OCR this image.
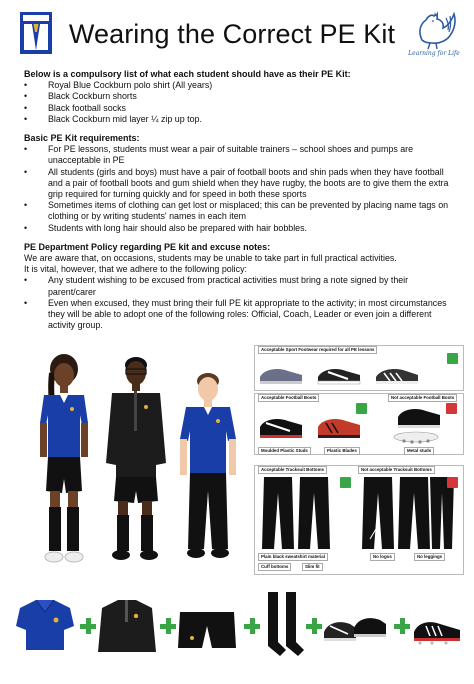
Wearing the Correct PE Kit
Learning for Life
Below is a compulsory list of what each student should have as their PE Kit:
• Royal Blue Cockburn polo shirt (All years)
• Black Cockburn shorts
• Black football socks
• Black Cockburn mid layer ¼ zip up top.
Basic PE Kit requirements:
• For PE lessons, students must wear a pair of suitable trainers – school shoes and pumps are unacceptable in PE
• All students (girls and boys) must have a pair of football boots and shin pads when they have football and a pair of football boots and gum shield when they have rugby, the boots are to give them the extra grip required for turning quickly and for speed in both these sports
• Sometimes items of clothing can get lost or misplaced; this can be prevented by placing name tags on clothing or by writing students' names in each item
• Students with long hair should also be prepared with hair bobbles.
PE Department Policy regarding PE kit and excuse notes:

We are aware that, on occasions, students may be unable to take part in full practical activities.

It is vital, however, that we adhere to the following policy:

• Any student wishing to be excused from practical activities must bring a note signed by their parent/carer
• Even when excused, they must bring their full PE kit appropriate to the activity; in most circumstances they will be able to adopt one of the following roles: Official, Coach, Leader or even join a different activity group.
Acceptable Sport Footwear required for all PE lessons
Acceptable Football Boots	Not acceptable Football Boots
Moulded Plastic Studs	Plastic Blades	Metal studs
Acceptable Tracksuit Bottoms	Not acceptable Tracksuit Bottoms
Plain black sweatshirt material
Cuff bottoms	Slim fit
No logos	No leggings
